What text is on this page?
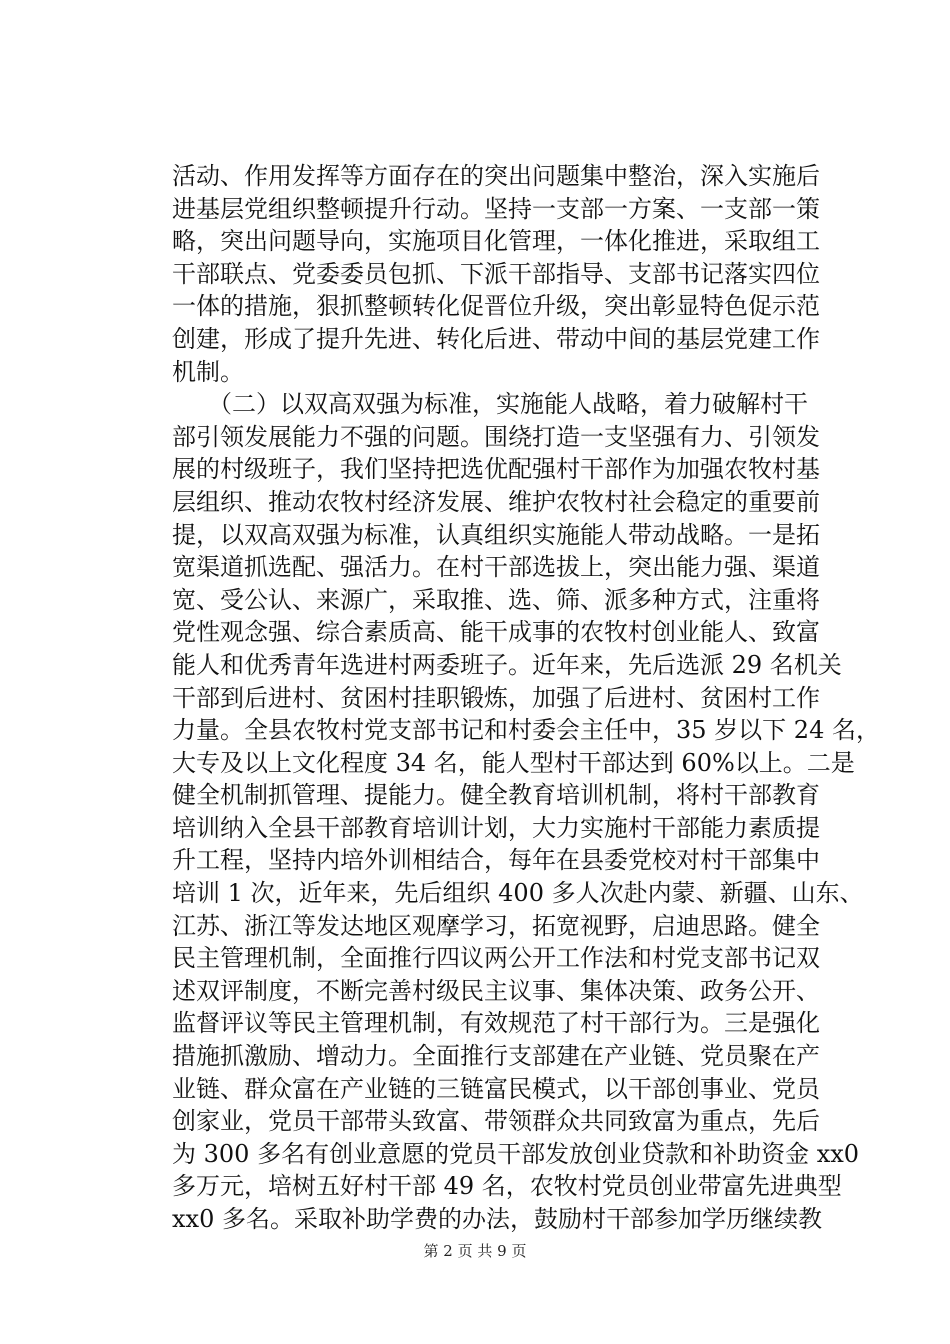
活动、作用发挥等方面存在的突出问题集中整治，深入实施后
进基层党组织整顿提升行动。坚持一支部一方案、一支部一策
略，突出问题导向，实施项目化管理，一体化推进，采取组工
干部联点、党委委员包抓、下派干部指导、支部书记落实四位
一体的措施，狠抓整顿转化促晋位升级，突出彰显特色促示范
创建，形成了提升先进、转化后进、带动中间的基层党建工作
机制。
　　（二）以双高双强为标准，实施能人战略，着力破解村干
部引领发展能力不强的问题。围绕打造一支坚强有力、引领发
展的村级班子，我们坚持把选优配强村干部作为加强农牧村基
层组织、推动农牧村经济发展、维护农牧村社会稳定的重要前
提，以双高双强为标准，认真组织实施能人带动战略。一是拓
宽渠道抓选配、强活力。在村干部选拔上，突出能力强、渠道
宽、受公认、来源广，采取推、选、筛、派多种方式，注重将
党性观念强、综合素质高、能干成事的农牧村创业能人、致富
能人和优秀青年选进村两委班子。近年来，先后选派 29 名机关
干部到后进村、贫困村挂职锻炼，加强了后进村、贫困村工作
力量。全县农牧村党支部书记和村委会主任中，35 岁以下 24 名，
大专及以上文化程度 34 名，能人型村干部达到 60%以上。二是
健全机制抓管理、提能力。健全教育培训机制，将村干部教育
培训纳入全县干部教育培训计划，大力实施村干部能力素质提
升工程，坚持内培外训相结合，每年在县委党校对村干部集中
培训 1 次，近年来，先后组织 400 多人次赴内蒙、新疆、山东、
江苏、浙江等发达地区观摩学习，拓宽视野，启迪思路。健全
民主管理机制，全面推行四议两公开工作法和村党支部书记双
述双评制度，不断完善村级民主议事、集体决策、政务公开、
监督评议等民主管理机制，有效规范了村干部行为。三是强化
措施抓激励、增动力。全面推行支部建在产业链、党员聚在产
业链、群众富在产业链的三链富民模式，以干部创事业、党员
创家业，党员干部带头致富、带领群众共同致富为重点，先后
为 300 多名有创业意愿的党员干部发放创业贷款和补助资金 xx0
多万元，培树五好村干部 49 名，农牧村党员创业带富先进典型
xx0 多名。采取补助学费的办法，鼓励村干部参加学历继续教
第 2 页 共 9 页
